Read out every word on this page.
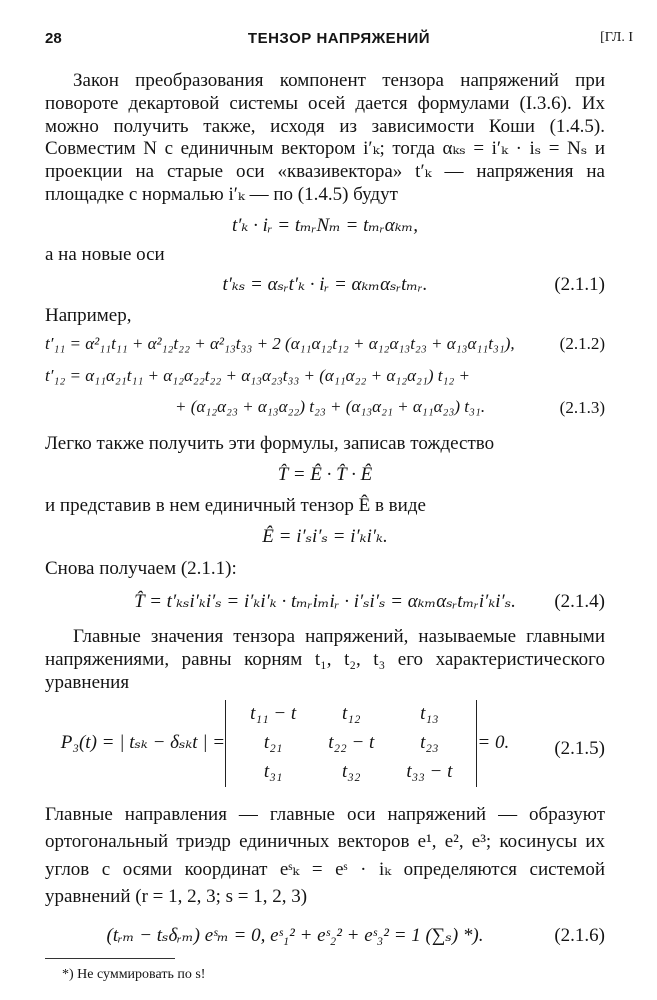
28	ТЕНЗОР НАПРЯЖЕНИЙ	[ГЛ. I

Закон преобразования компонент тензора напряжений при повороте декартовой системы осей дается формулами (I.3.6). Их можно получить также, исходя из зависимости Коши (1.4.5). Совместим N с единичным вектором i′ₖ; тогда αₖₛ = i′ₖ · iₛ = Nₛ и проекции на старые оси «квазивектора» t′ₖ — напряжения на площадке с нормалью i′ₖ — по (1.4.5) будут

t′ₖ · iᵣ = tₘᵣNₘ = tₘᵣαₖₘ,

а на новые оси

t′ₖₛ = αₛᵣt′ₖ · iᵣ = αₖₘαₛᵣtₘᵣ.	(2.1.1)

Например,

t′₁₁ = α²₁₁t₁₁ + α²₁₂t₂₂ + α²₁₃t₃₃ + 2 (α₁₁α₁₂t₁₂ + α₁₂α₁₃t₂₃ + α₁₃α₁₁t₃₁),	(2.1.2)
t′₁₂ = α₁₁α₂₁t₁₁ + α₁₂α₂₂t₂₂ + α₁₃α₂₃t₃₃ + (α₁₁α₂₂ + α₁₂α₂₁) t₁₂ +
+ (α₁₂α₂₃ + α₁₃α₂₂) t₂₃ + (α₁₃α₂₁ + α₁₁α₂₃) t₃₁.	(2.1.3)

Легко также получить эти формулы, записав тождество

T̂ = Ê · T̂ · Ê

и представив в нем единичный тензор Ê в виде

Ê = i′ₛi′ₛ = i′ₖi′ₖ.

Снова получаем (2.1.1):

T̂ = t′ₖₛi′ₖi′ₛ = i′ₖi′ₖ · tₘᵣiₘiᵣ · i′ₛi′ₛ = αₖₘαₛᵣtₘᵣi′ₖi′ₛ. (2.1.4)

Главные значения тензора напряжений, называемые главными напряжениями, равны корням t₁, t₂, t₃ его характеристического уравнения

P₃(t) = | tₛₖ − δₛₖt | =
t₁₁ − t	t₁₂	t₁₃
t₂₁	t₂₂ − t	t₂₃
t₃₁	t₃₂	t₃₃ − t
= 0. (2.1.5)

Главные направления — главные оси напряжений — образуют ортогональный триэдр единичных векторов e¹, e², e³; косинусы их углов с осями координат eˢₖ = eˢ · iₖ определяются системой уравнений (r = 1, 2, 3; s = 1, 2, 3)

(tᵣₘ − tₛδᵣₘ) eˢₘ = 0, eˢ₁² + eˢ₂² + eˢ₃² = 1 (∑ₛ) *).	(2.1.6)
*) Не суммировать по s!
